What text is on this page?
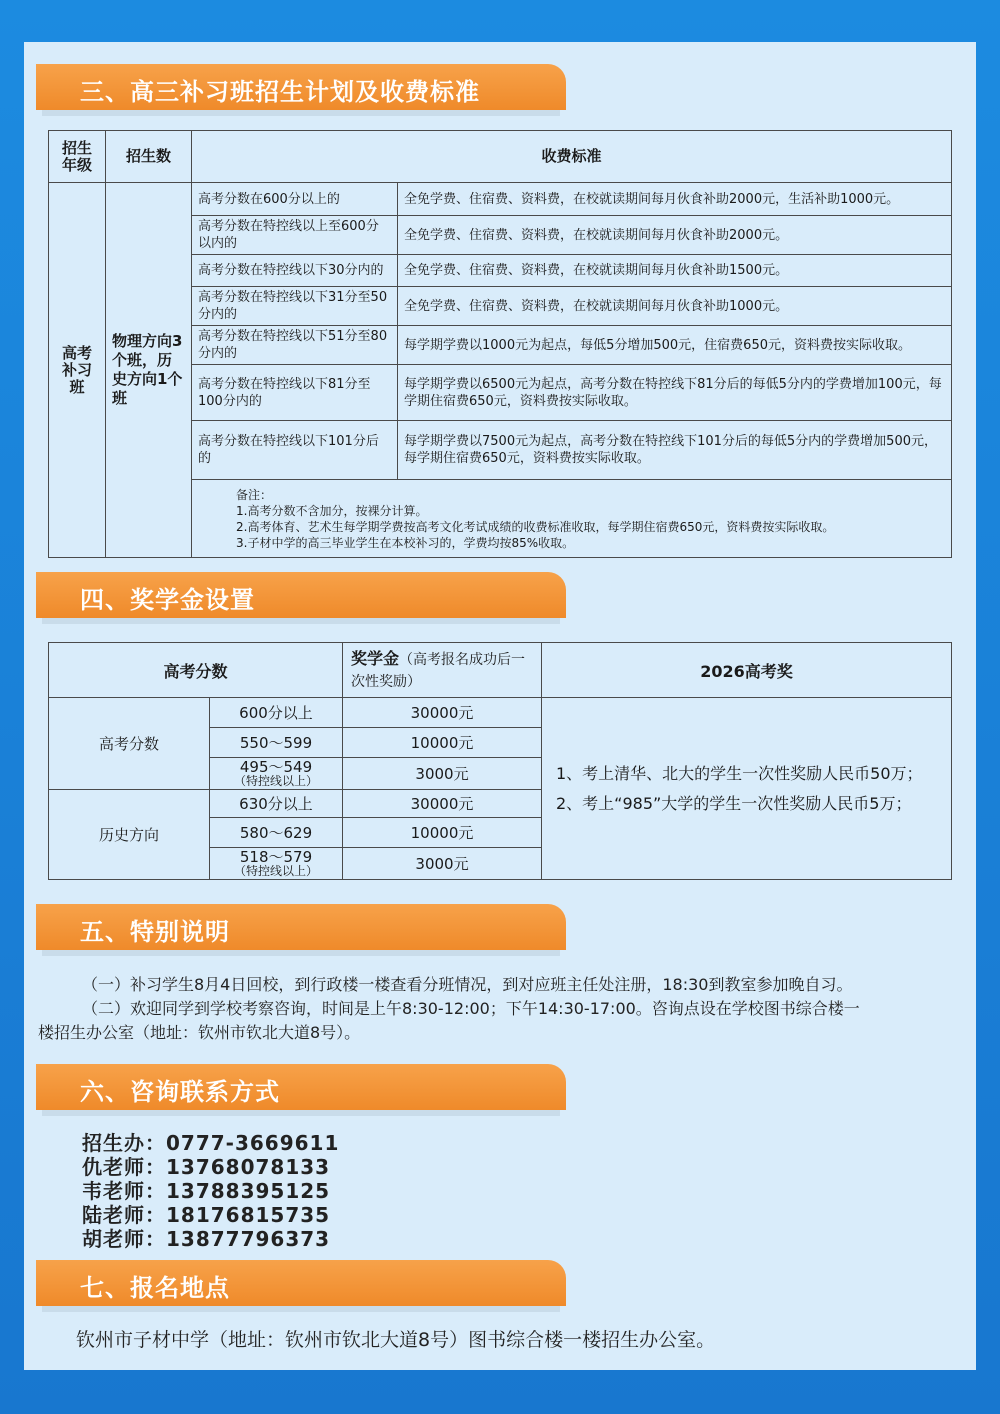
三、高三补习班招生计划及收费标准
招生年级	招生数	收费标准	
高考补习班	物理方向3个班，历史方向1个班	高考分数在600分以上的	全免学费、住宿费、资料费，在校就读期间每月伙食补助2000元，生活补助1000元。
		高考分数在特控线以上至600分以内的	全免学费、住宿费、资料费，在校就读期间每月伙食补助2000元。
		高考分数在特控线以下30分内的	全免学费、住宿费、资料费，在校就读期间每月伙食补助1500元。
		高考分数在特控线以下31分至50分内的	全免学费、住宿费、资料费，在校就读期间每月伙食补助1000元。
		高考分数在特控线以下51分至80分内的	每学期学费以1000元为起点，每低5分增加500元，住宿费650元，资料费按实际收取。
		高考分数在特控线以下81分至100分内的	每学期学费以6500元为起点，高考分数在特控线下81分后的每低5分内的学费增加100元，每学期住宿费650元，资料费按实际收取。
		高考分数在特控线以下101分后的	每学期学费以7500元为起点，高考分数在特控线下101分后的每低5分内的学费增加500元，每学期住宿费650元，资料费按实际收取。

		备注：
1.高考分数不含加分，按裸分计算。
2.高考体育、艺术生每学期学费按高考文化考试成绩的收费标准收取，每学期住宿费650元，资料费按实际收取。
3.子材中学的高三毕业学生在本校补习的，学费均按85%收取。	
四、奖学金设置
高考分数		奖学金（高考报名成功后一次性奖励）	2026高考奖
高考分数	600分以上	30000元	1、考上清华、北大的学生一次性奖励人民币50万；
2、考上“985”大学的学生一次性奖励人民币5万；

	550～599	10000元	

	495～549
（特控线以上）	3000元	
历史方向	630分以上	30000元	
	580～629	10000元	

	518～579
（特控线以上）	3000元	
五、特别说明
（一）补习学生8月4日回校，到行政楼一楼查看分班情况，到对应班主任处注册，18:30到教室参加晚自习。
（二）欢迎同学到学校考察咨询，时间是上午8:30-12:00；下午14:30-17:00。咨询点设在学校图书综合楼一
楼招生办公室（地址：钦州市钦北大道8号）。
六、咨询联系方式
招生办：0777-3669611
仇老师：13768078133
韦老师：13788395125
陆老师：18176815735
胡老师：13877796373
七、报名地点
钦州市子材中学（地址：钦州市钦北大道8号）图书综合楼一楼招生办公室。
